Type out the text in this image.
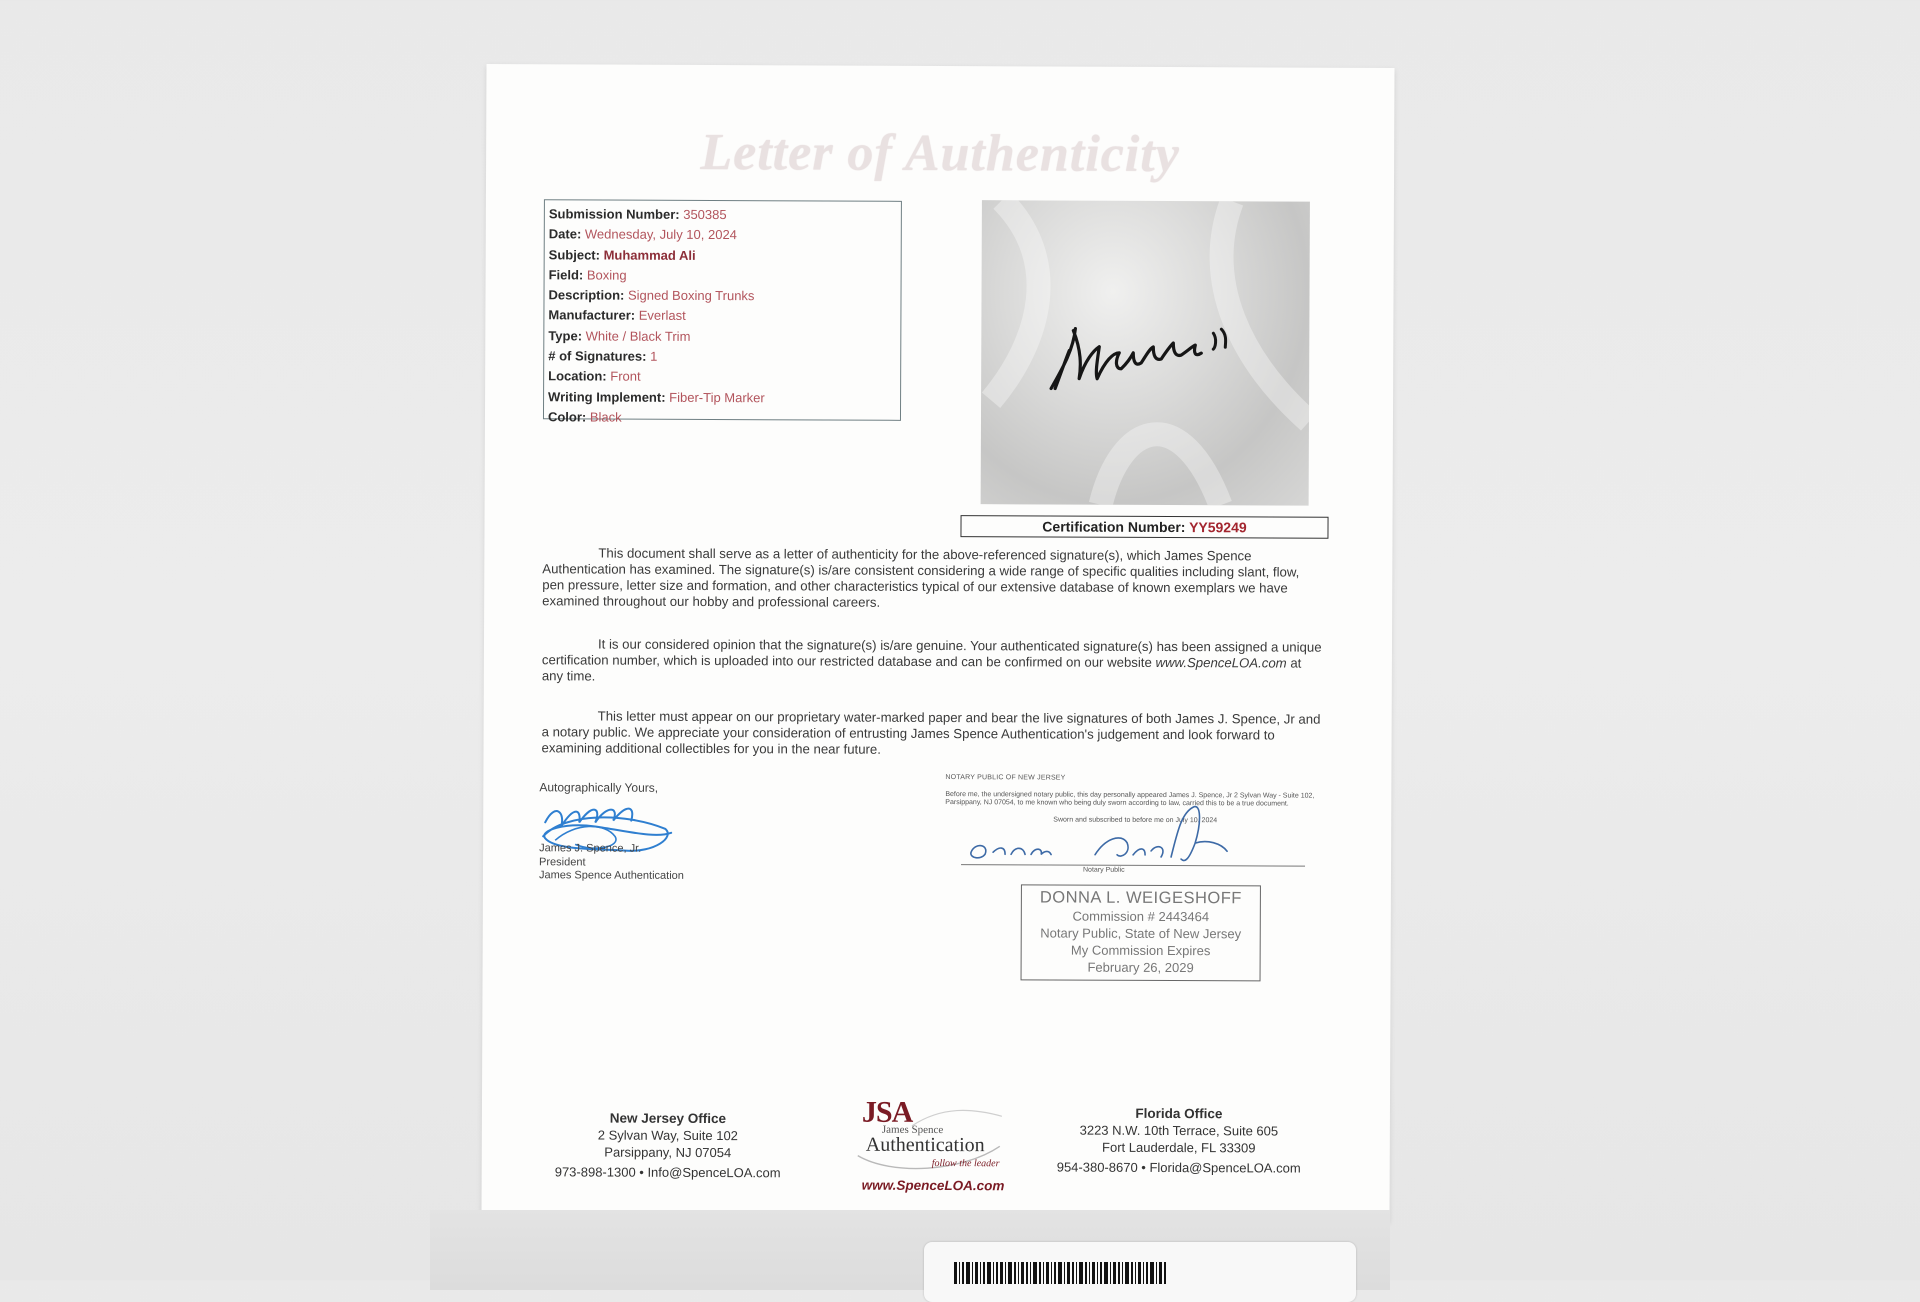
Letter of Authenticity
Submission Number: 350385
Date: Wednesday, July 10, 2024
Subject: Muhammad Ali
Field: Boxing
Description: Signed Boxing Trunks
Manufacturer: Everlast
Type: White / Black Trim
# of Signatures: 1
Location: Front
Writing Implement: Fiber-Tip Marker
Color: Black
Certification Number: YY59249
This document shall serve as a letter of authenticity for the above-referenced signature(s), which James Spence Authentication has examined. The signature(s) is/are consistent considering a wide range of specific qualities including slant, flow, pen pressure, letter size and formation, and other characteristics typical of our extensive database of known exemplars we have examined throughout our hobby and professional careers.
It is our considered opinion that the signature(s) is/are genuine. Your authenticated signature(s) has been assigned a unique certification number, which is uploaded into our restricted database and can be confirmed on our website www.SpenceLOA.com at any time.
This letter must appear on our proprietary water-marked paper and bear the live signatures of both James J. Spence, Jr and a notary public. We appreciate your consideration of entrusting James Spence Authentication's judgement and look forward to examining additional collectibles for you in the near future.
Autographically Yours,
James J. Spence, Jr.
President
James Spence Authentication
NOTARY PUBLIC OF NEW JERSEY
Before me, the undersigned notary public, this day personally appeared James J. Spence, Jr 2 Sylvan Way - Suite 102, Parsippany, NJ 07054, to me known who being duly sworn according to law, carried this to be a true document.
Sworn and subscribed to before me on July 10, 2024
Notary Public
DONNA L. WEIGESHOFF
Commission # 2443464
Notary Public, State of New Jersey
My Commission Expires
February 26, 2029
New Jersey Office
2 Sylvan Way, Suite 102
Parsippany, NJ 07054
973-898-1300 • Info@SpenceLOA.com
JSA
James Spence
Authentication
follow the leader
www.SpenceLOA.com
Florida Office
3223 N.W. 10th Terrace, Suite 605
Fort Lauderdale, FL 33309
954-380-8670 • Florida@SpenceLOA.com
